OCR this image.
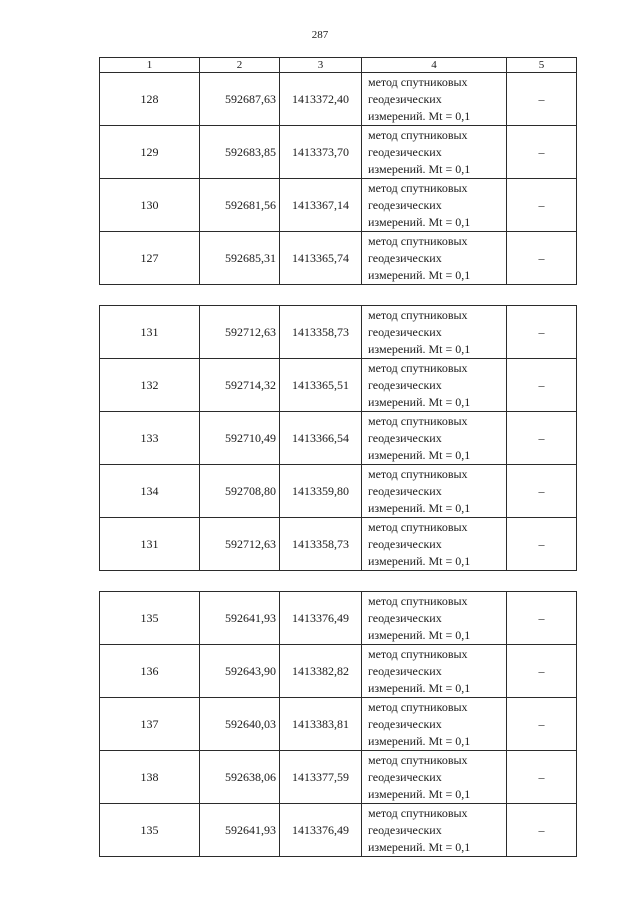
287
1	2	3	4	5
128	592687,63	1413372,40	метод спутниковых
геодезических
измерений. Mt = 0,1	–
129	592683,85	1413373,70	метод спутниковых
геодезических
измерений. Mt = 0,1	–
130	592681,56	1413367,14	метод спутниковых
геодезических
измерений. Mt = 0,1	–
127	592685,31	1413365,74	метод спутниковых
геодезических
измерений. Mt = 0,1	–

131	592712,63	1413358,73	метод спутниковых
геодезических
измерений. Mt = 0,1	–
132	592714,32	1413365,51	метод спутниковых
геодезических
измерений. Mt = 0,1	–
133	592710,49	1413366,54	метод спутниковых
геодезических
измерений. Mt = 0,1	–
134	592708,80	1413359,80	метод спутниковых
геодезических
измерений. Mt = 0,1	–
131	592712,63	1413358,73	метод спутниковых
геодезических
измерений. Mt = 0,1	–

135	592641,93	1413376,49	метод спутниковых
геодезических
измерений. Mt = 0,1	–
136	592643,90	1413382,82	метод спутниковых
геодезических
измерений. Mt = 0,1	–
137	592640,03	1413383,81	метод спутниковых
геодезических
измерений. Mt = 0,1	–
138	592638,06	1413377,59	метод спутниковых
геодезических
измерений. Mt = 0,1	–
135	592641,93	1413376,49	метод спутниковых
геодезических
измерений. Mt = 0,1	–
